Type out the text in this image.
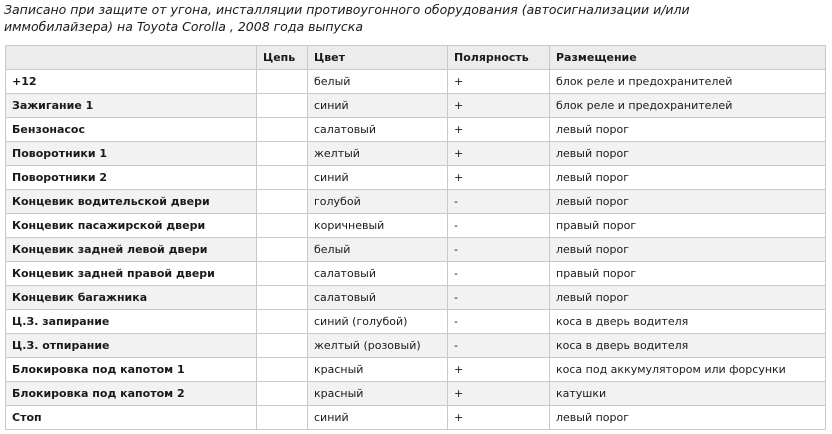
Записано при защите от угона, инсталляции противоугонного оборудования (автосигнализации и/или
иммобилайзера) на Toyota Corolla , 2008 года выпуска
	Цепь	Цвет	Полярность	Размещение
+12		белый	+	блок реле и предохранителей
Зажигание 1		синий	+	блок реле и предохранителей
Бензонасос		салатовый	+	левый порог
Поворотники 1		желтый	+	левый порог
Поворотники 2		синий	+	левый порог
Концевик водительской двери		голубой	-	левый порог
Концевик пасажирской двери		коричневый	-	правый порог
Концевик задней левой двери		белый	-	левый порог
Концевик задней правой двери		салатовый	-	правый порог
Концевик багажника		салатовый	-	левый порог
Ц.З. запирание		синий (голубой)	-	коса в дверь водителя
Ц.З. отпирание		желтый (розовый)	-	коса в дверь водителя
Блокировка под капотом 1		красный	+	коса под аккумулятором или форсунки
Блокировка под капотом 2		красный	+	катушки
Стоп		синий	+	левый порог
